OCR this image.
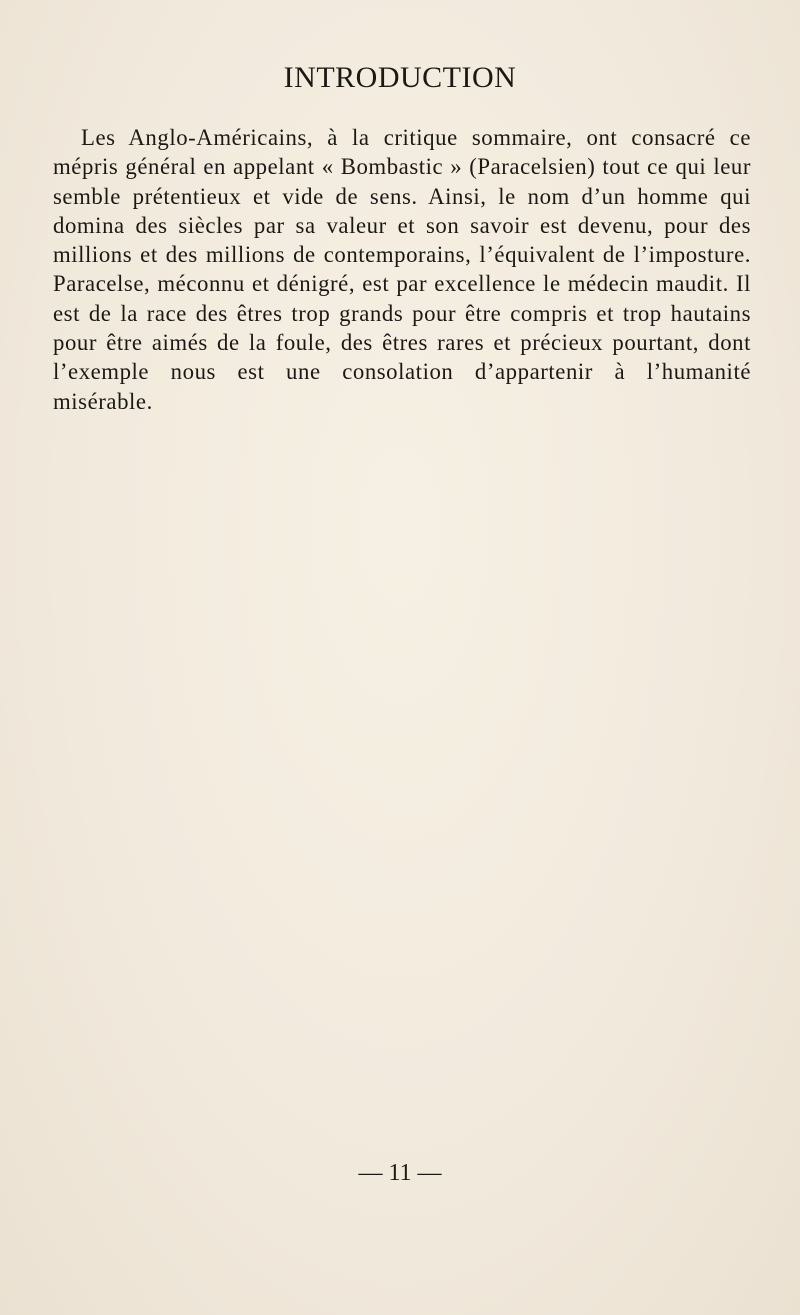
INTRODUCTION

Les Anglo-Américains, à la critique sommaire, ont consacré ce mépris général en appelant « Bombastic » (Paracelsien) tout ce qui leur semble prétentieux et vide de sens. Ainsi, le nom d’un homme qui domina des siècles par sa valeur et son savoir est devenu, pour des millions et des millions de contemporains, l’équivalent de l’imposture. Paracelse, méconnu et dénigré, est par excellence le médecin maudit. Il est de la race des êtres trop grands pour être compris et trop hautains pour être aimés de la foule, des êtres rares et précieux pourtant, dont l’exemple nous est une consolation d’appartenir à l’humanité misérable.

— 11 —
